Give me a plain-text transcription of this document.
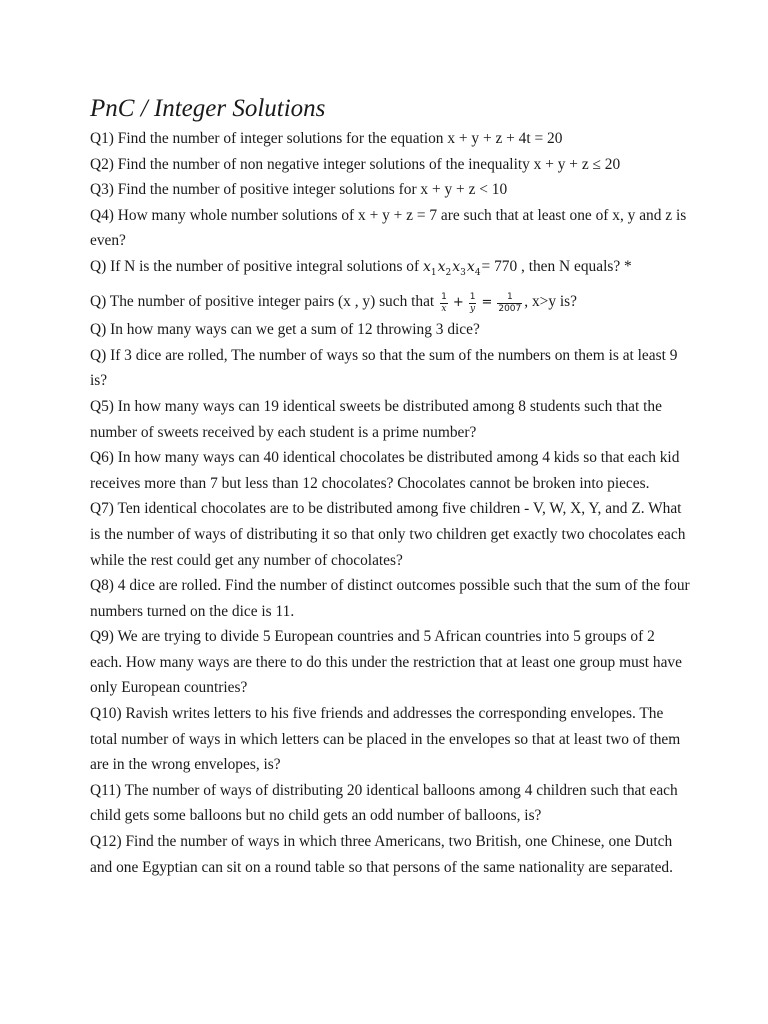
PnC / Integer Solutions

Q1) Find the number of integer solutions for the equation x + y + z + 4t = 20

Q2) Find the number of non negative integer solutions of the inequality x + y + z ≤ 20

Q3) Find the number of positive integer solutions for x + y + z < 10

Q4) How many whole number solutions of x + y + z = 7 are such that at least one of x, y and z is even?

Q) If N is the number of positive integral solutions of $x_1x_2x_3x_4= 770$ , then N equals? *

Q) The number of positive integer pairs (x , y) such that $\frac{1}{x} + \frac{1}{y} = \frac{1}{2007}$ , x>y is?

Q) In how many ways can we get a sum of 12 throwing 3 dice?

Q) If 3 dice are rolled, The number of ways so that the sum of the numbers on them is at least 9 is?

Q5) In how many ways can 19 identical sweets be distributed among 8 students such that the number of sweets received by each student is a prime number?

Q6) In how many ways can 40 identical chocolates be distributed among 4 kids so that each kid receives more than 7 but less than 12 chocolates? Chocolates cannot be broken into pieces.

Q7) Ten identical chocolates are to be distributed among five children - V, W, X, Y, and Z. What is the number of ways of distributing it so that only two children get exactly two chocolates each while the rest could get any number of chocolates?

Q8) 4 dice are rolled. Find the number of distinct outcomes possible such that the sum of the four numbers turned on the dice is 11.

Q9) We are trying to divide 5 European countries and 5 African countries into 5 groups of 2 each. How many ways are there to do this under the restriction that at least one group must have only European countries?

Q10) Ravish writes letters to his five friends and addresses the corresponding envelopes. The total number of ways in which letters can be placed in the envelopes so that at least two of them are in the wrong envelopes, is?

Q11) The number of ways of distributing 20 identical balloons among 4 children such that each child gets some balloons but no child gets an odd number of balloons, is?

Q12) Find the number of ways in which three Americans, two British, one Chinese, one Dutch and one Egyptian can sit on a round table so that persons of the same nationality are separated.
